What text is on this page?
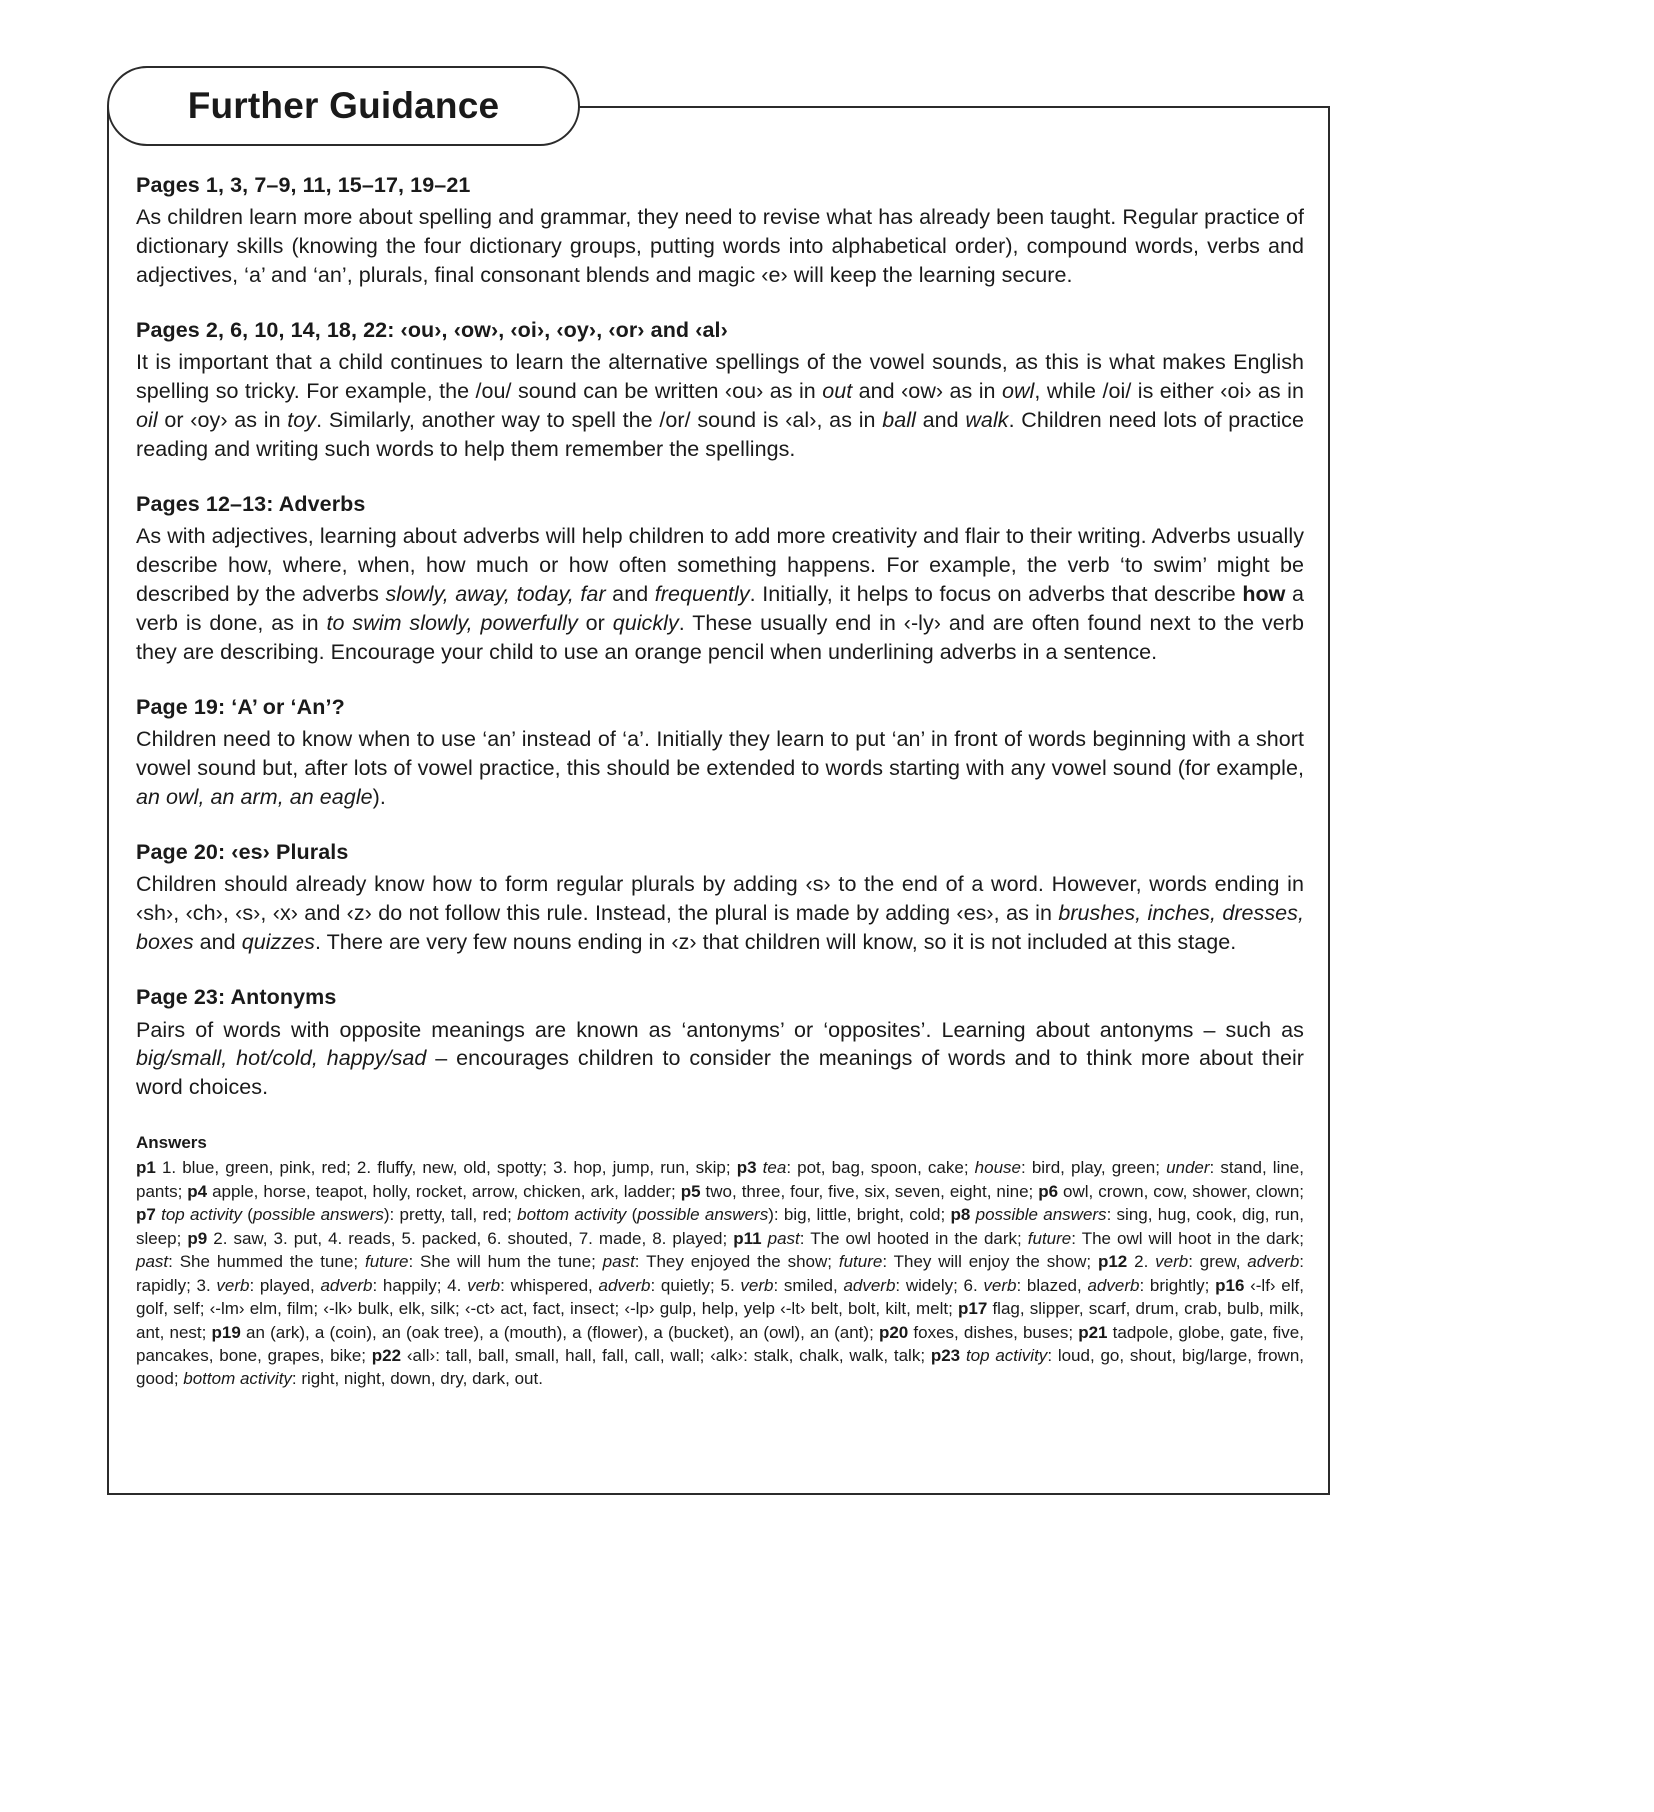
Further Guidance
Pages 1, 3, 7–9, 11, 15–17, 19–21

As children learn more about spelling and grammar, they need to revise what has already been taught. Regular practice of dictionary skills (knowing the four dictionary groups, putting words into alphabetical order), compound words, verbs and adjectives, ‘a’ and ‘an’, plurals, final consonant blends and magic ‹e› will keep the learning secure.

Pages 2, 6, 10, 14, 18, 22: ‹ou›, ‹ow›, ‹oi›, ‹oy›, ‹or› and ‹al›

It is important that a child continues to learn the alternative spellings of the vowel sounds, as this is what makes English spelling so tricky. For example, the /ou/ sound can be written ‹ou› as in out and ‹ow› as in owl, while /oi/ is either ‹oi› as in oil or ‹oy› as in toy. Similarly, another way to spell the /or/ sound is ‹al›, as in ball and walk. Children need lots of practice reading and writing such words to help them remember the spellings.

Pages 12–13: Adverbs

As with adjectives, learning about adverbs will help children to add more creativity and flair to their writing. Adverbs usually describe how, where, when, how much or how often something happens. For example, the verb ‘to swim’ might be described by the adverbs slowly, away, today, far and frequently. Initially, it helps to focus on adverbs that describe how a verb is done, as in to swim slowly, powerfully or quickly. These usually end in ‹-ly› and are often found next to the verb they are describing. Encourage your child to use an orange pencil when underlining adverbs in a sentence.

Page 19: ‘A’ or ‘An’?

Children need to know when to use ‘an’ instead of ‘a’. Initially they learn to put ‘an’ in front of words beginning with a short vowel sound but, after lots of vowel practice, this should be extended to words starting with any vowel sound (for example, an owl, an arm, an eagle).

Page 20: ‹es› Plurals

Children should already know how to form regular plurals by adding ‹s› to the end of a word. However, words ending in ‹sh›, ‹ch›, ‹s›, ‹x› and ‹z› do not follow this rule. Instead, the plural is made by adding ‹es›, as in brushes, inches, dresses, boxes and quizzes. There are very few nouns ending in ‹z› that children will know, so it is not included at this stage.

Page 23: Antonyms

Pairs of words with opposite meanings are known as ‘antonyms’ or ‘opposites’. Learning about antonyms – such as big/small, hot/cold, happy/sad – encourages children to consider the meanings of words and to think more about their word choices.

Answers

p1 1. blue, green, pink, red; 2. fluffy, new, old, spotty; 3. hop, jump, run, skip; p3 tea: pot, bag, spoon, cake; house: bird, play, green; under: stand, line, pants; p4 apple, horse, teapot, holly, rocket, arrow, chicken, ark, ladder; p5 two, three, four, five, six, seven, eight, nine; p6 owl, crown, cow, shower, clown; p7 top activity (possible answers): pretty, tall, red; bottom activity (possible answers): big, little, bright, cold; p8 possible answers: sing, hug, cook, dig, run, sleep; p9 2. saw, 3. put, 4. reads, 5. packed, 6. shouted, 7. made, 8. played; p11 past: The owl hooted in the dark; future: The owl will hoot in the dark; past: She hummed the tune; future: She will hum the tune; past: They enjoyed the show; future: They will enjoy the show; p12 2. verb: grew, adverb: rapidly; 3. verb: played, adverb: happily; 4. verb: whispered, adverb: quietly; 5. verb: smiled, adverb: widely; 6. verb: blazed, adverb: brightly; p16 ‹-lf› elf, golf, self; ‹-lm› elm, film; ‹-lk› bulk, elk, silk; ‹-ct› act, fact, insect; ‹-lp› gulp, help, yelp ‹-lt› belt, bolt, kilt, melt; p17 flag, slipper, scarf, drum, crab, bulb, milk, ant, nest; p19 an (ark), a (coin), an (oak tree), a (mouth), a (flower), a (bucket), an (owl), an (ant); p20 foxes, dishes, buses; p21 tadpole, globe, gate, five, pancakes, bone, grapes, bike; p22 ‹all›: tall, ball, small, hall, fall, call, wall; ‹alk›: stalk, chalk, walk, talk; p23 top activity: loud, go, shout, big/large, frown, good; bottom activity: right, night, down, dry, dark, out.
